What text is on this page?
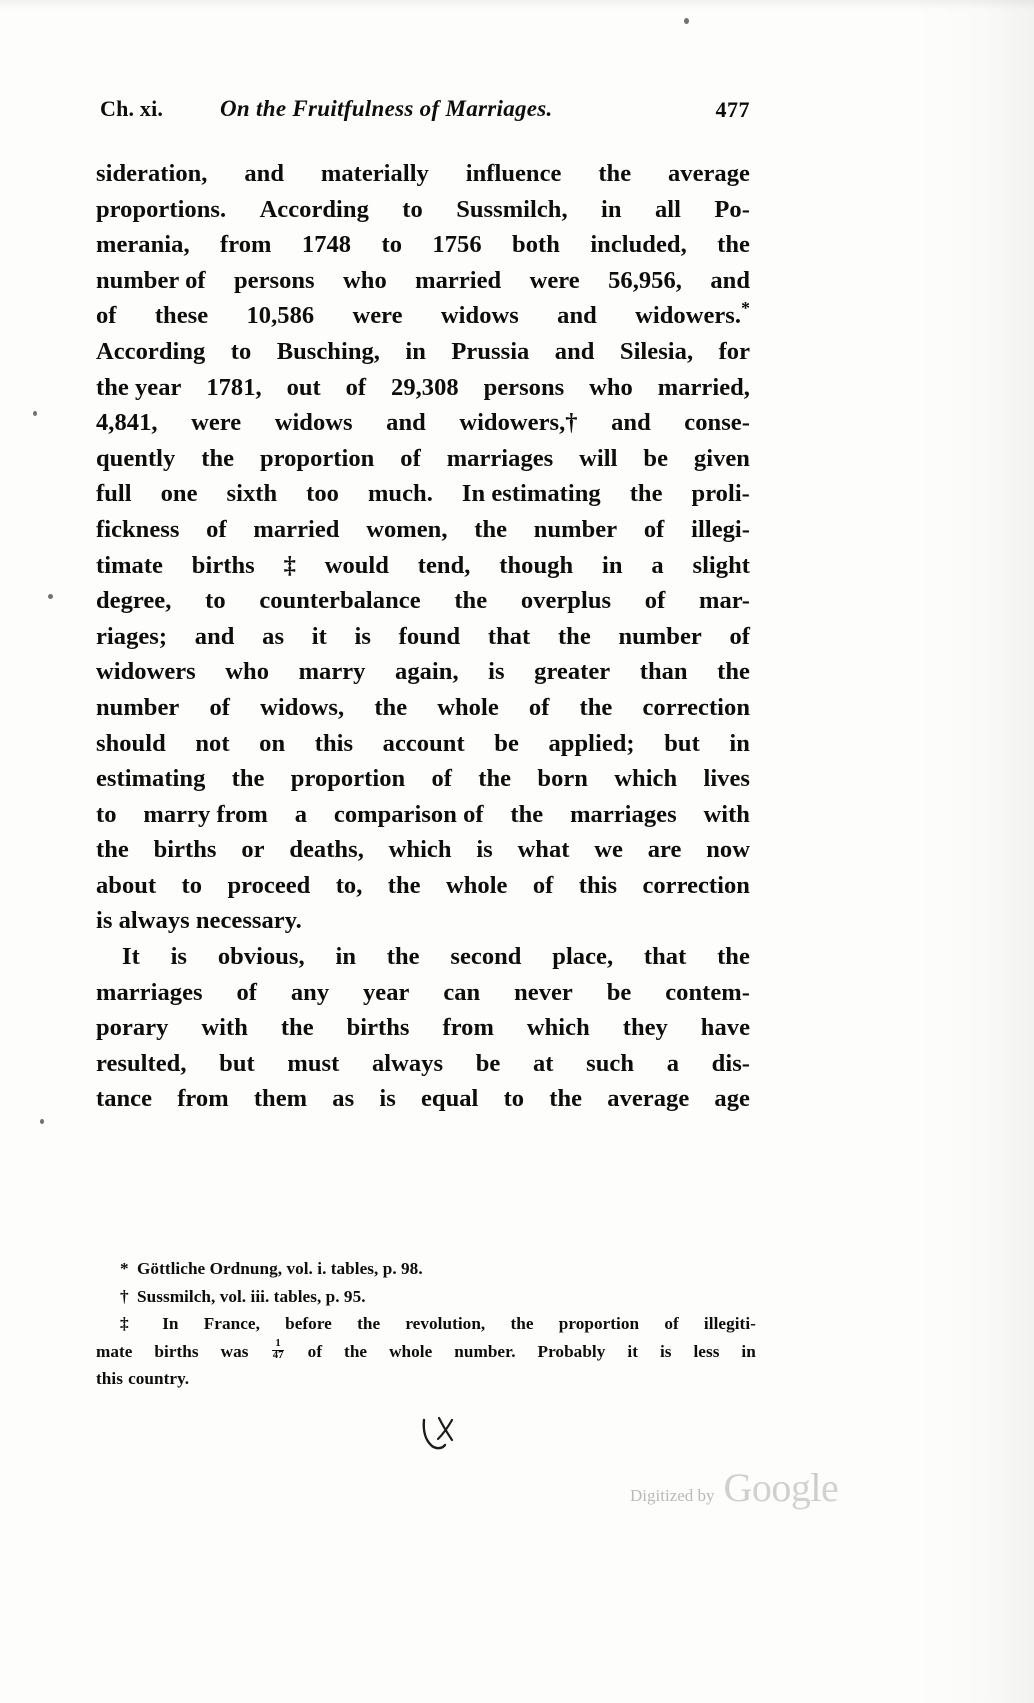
Ch. xi. On the Fruitfulness of Marriages.	477
sideration, and materially influence the average
proportions. According to Sussmilch, in all Po-
merania, from 1748 to 1756 both included, the
number of persons who married were 56,956, and
of these 10,586 were widows and widowers.*
According to Busching, in Prussia and Silesia, for
the year 1781, out of 29,308 persons who married,
4,841, were widows and widowers,† and conse-
quently the proportion of marriages will be given
full one sixth too much. In estimating the proli-
fickness of married women, the number of illegi-
timate births ‡ would tend, though in a slight
degree, to counterbalance the overplus of mar-
riages; and as it is found that the number of
widowers who marry again, is greater than the
number of widows, the whole of the correction
should not on this account be applied; but in
estimating the proportion of the born which lives
to marry from a comparison of the marriages with
the births or deaths, which is what we are now
about to proceed to, the whole of this correction
is always necessary.
It is obvious, in the second place, that the
marriages of any year can never be contem-
porary with the births from which they have
resulted, but must always be at such a dis-
tance from them as is equal to the average age
* Göttliche Ordnung, vol. i. tables, p. 98.
† Sussmilch, vol. iii. tables, p. 95.
‡	In France, before the revolution, the proportion of illegiti-
mate births was $\frac{1}{47}$ of the whole number. Probably it is less in
this country.
Digitized by Google
